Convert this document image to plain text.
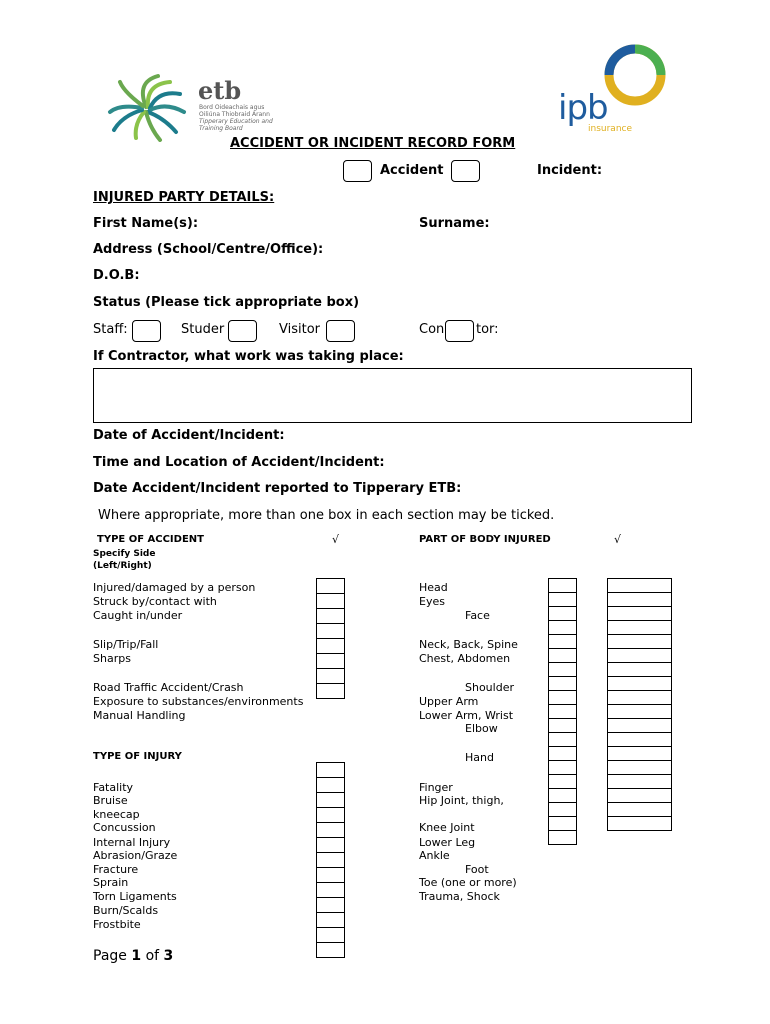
etb
Bord Oideachais agus
Oiliúna Thiobraid Árann
Tipperary Education and
Training Board
ipb
insurance
ACCIDENT OR INCIDENT RECORD FORM
Accident	Incident:
INJURED PARTY DETAILS:
First Name(s):	Surname:
Address (School/Centre/Office):
D.O.B:
Status (Please tick appropriate box)
Staff:	Studer	Visitor	Con tor:
If Contractor, what work was taking place:
Date of Accident/Incident:
Time and Location of Accident/Incident:
Date Accident/Incident reported to Tipperary ETB:
Where appropriate, more than one box in each section may be ticked.
TYPE OF ACCIDENT	√
Specify Side
(Left/Right)
Injured/damaged by a person
Struck by/contact with
Caught in/under
Slip/Trip/Fall
Sharps
Road Traffic Accident/Crash
Exposure to substances/environments
Manual Handling
TYPE OF INJURY
Fatality
Bruise
kneecap
Concussion
Internal Injury
Abrasion/Graze
Fracture
Sprain
Torn Ligaments
Burn/Scalds
Frostbite
PART OF BODY INJURED	√
Head
Eyes
Face
Neck, Back, Spine
Chest, Abdomen
Shoulder
Upper Arm
Lower Arm, Wrist
Elbow
Hand
Finger
Hip Joint, thigh,
Knee Joint
Lower Leg
Ankle
Foot
Toe (one or more)
Trauma, Shock
Page 1 of 3
